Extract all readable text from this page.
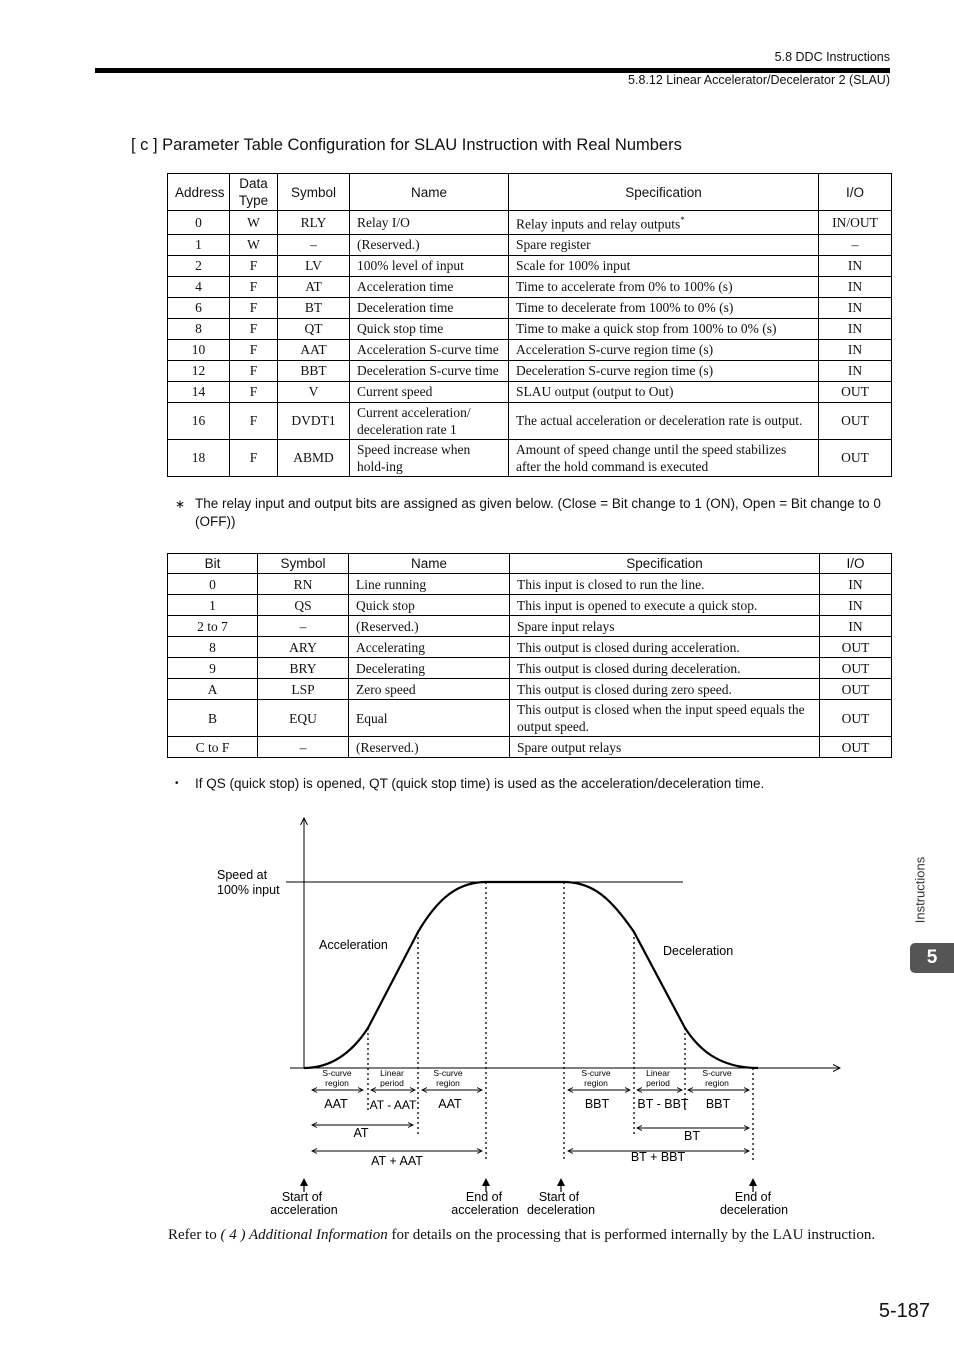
5.8 DDC Instructions
5.8.12 Linear Accelerator/Decelerator 2 (SLAU)
[ c ] Parameter Table Configuration for SLAU Instruction with Real Numbers
Address	Data Type	Symbol	Name	Specification	I/O
0	W	RLY	Relay I/O	Relay inputs and relay outputs*	IN/OUT
1	W	–	(Reserved.)	Spare register	–
2	F	LV	100% level of input	Scale for 100% input	IN
4	F	AT	Acceleration time	Time to accelerate from 0% to 100% (s)	IN
6	F	BT	Deceleration time	Time to decelerate from 100% to 0% (s)	IN
8	F	QT	Quick stop time	Time to make a quick stop from 100% to 0% (s)	IN
10	F	AAT	Acceleration S-curve time	Acceleration S-curve region time (s)	IN
12	F	BBT	Deceleration S-curve time	Deceleration S-curve region time (s)	IN
14	F	V	Current speed	SLAU output (output to Out)	OUT
16	F	DVDT1	Current acceleration/ deceleration rate 1	The actual acceleration or deceleration rate is output.	OUT
18	F	ABMD	Speed increase when hold-ing	Amount of speed change until the speed stabilizes after the hold command is executed	OUT
∗ The relay input and output bits are assigned as given below. (Close = Bit change to 1 (ON), Open = Bit change to 0 (OFF))
Bit	Symbol	Name	Specification	I/O
0	RN	Line running	This input is closed to run the line.	IN
1	QS	Quick stop	This input is opened to execute a quick stop.	IN
2 to 7	–	(Reserved.)	Spare input relays	IN
8	ARY	Accelerating	This output is closed during acceleration.	OUT
9	BRY	Decelerating	This output is closed during deceleration.	OUT
A	LSP	Zero speed	This output is closed during zero speed.	OUT
B	EQU	Equal	This output is closed when the input speed equals the output speed.	OUT
C to F	–	(Reserved.)	Spare output relays	OUT
• If QS (quick stop) is opened, QT (quick stop time) is used as the acceleration/deceleration time.
Speed at
100% input
Acceleration	Deceleration
S-curve
region
Linear
period
S-curve
region
S-curve
region
Linear
period
S-curve
region
AAT AT - AAT AAT	BBT BT - BBT BBT
AT	BT
AT + AAT	BT + BBT
Start of
acceleration
End of
acceleration
Start of
deceleration
End of
deceleration
Refer to ( 4 ) Additional Information for details on the processing that is performed internally by the LAU instruction.
Instructions
5
5-187
